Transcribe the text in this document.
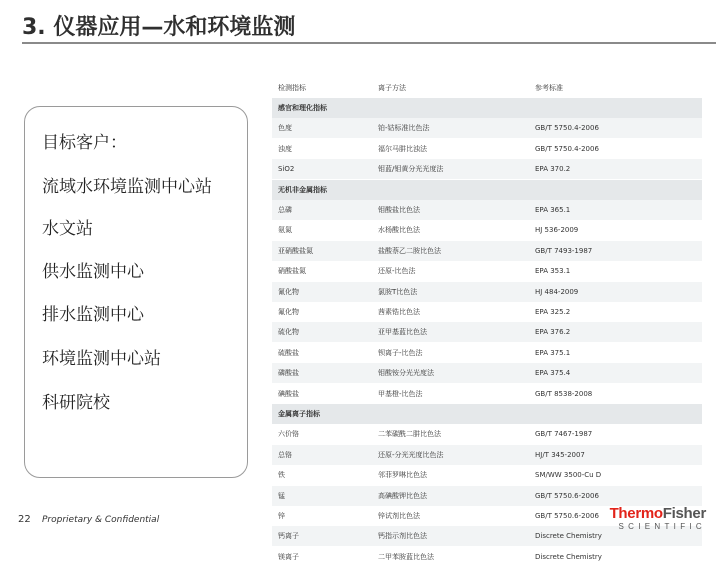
3. 仪器应用—水和环境监测
目标客户：
流域水环境监测中心站
水文站
供水监测中心
排水监测中心
环境监测中心站
科研院校
检测指标	离子方法	参考标准
感官和理化指标
色度	铂-钴标准比色法	GB/T 5750.4-2006
浊度	福尔马肼比浊法	GB/T 5750.4-2006
SiO2	钼蓝/钼黄分光光度法	EPA 370.2
无机非金属指标
总磷	钼酸盐比色法	EPA 365.1
氨氮	水杨酸比色法	HJ 536-2009
亚硝酸盐氮	盐酸萘乙二胺比色法	GB/T 7493-1987
硝酸盐氮	还原-比色法	EPA 353.1
氰化物	氯胺T比色法	HJ 484-2009
氟化物	茜素锆比色法	EPA 325.2
硫化物	亚甲基蓝比色法	EPA 376.2
硫酸盐	钡离子-比色法	EPA 375.1
磷酸盐	钼酸铵分光光度法	EPA 375.4
碘酸盐	甲基橙-比色法	GB/T 8538-2008
金属离子指标
六价铬	二苯碳酰二肼比色法	GB/T 7467-1987
总铬	还原-分光光度比色法	HJ/T 345-2007
铁	邻菲罗啉比色法	SM/WW 3500-Cu D
锰	高碘酸钾比色法	GB/T 5750.6-2006
锌	锌试剂比色法	GB/T 5750.6-2006
钙离子	钙指示剂比色法	Discrete Chemistry
镁离子	二甲苯胺蓝比色法	Discrete Chemistry
22 Proprietary & Confidential	ThermoFisher
SCIENTIFIC
